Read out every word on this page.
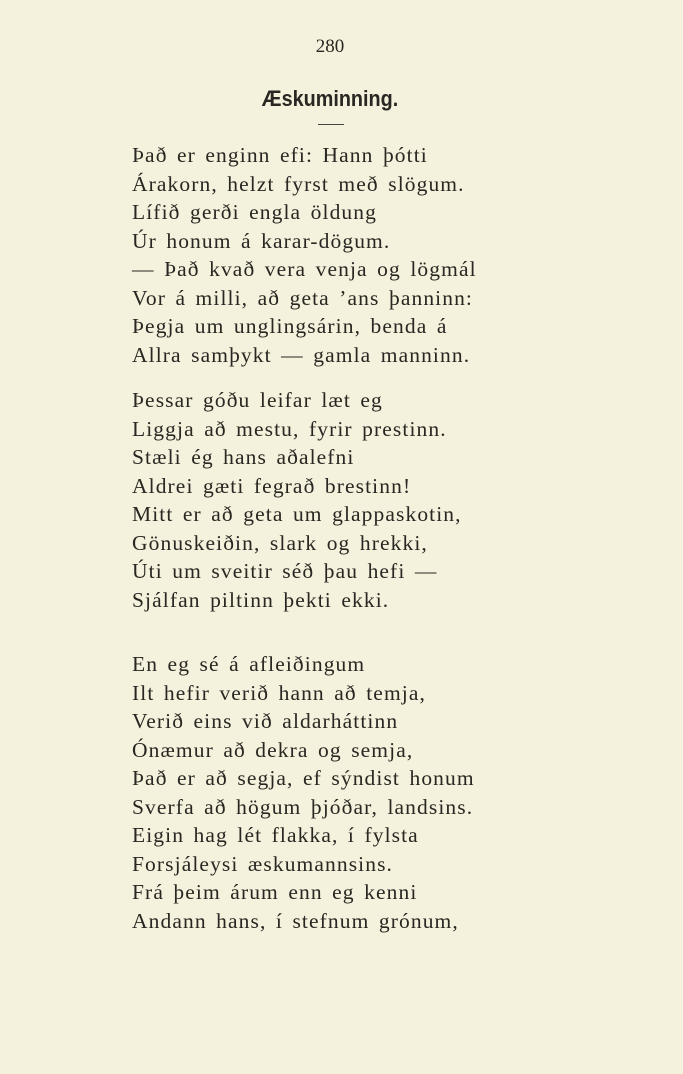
280
Æskuminning.
Það er enginn efi: Hann þótti
Árakorn, helzt fyrst með slögum.
Lífið gerði engla öldung
Úr honum á karar-dögum.
— Það kvað vera venja og lögmál
Vor á milli, að geta ’ans þanninn:
Þegja um unglingsárin, benda á
Allra samþykt — gamla manninn.
Þessar góðu leifar læt eg
Liggja að mestu, fyrir prestinn.
Stæli ég hans aðalefni
Aldrei gæti fegrað brestinn!
Mitt er að geta um glappaskotin,
Gönuskeiðin, slark og hrekki,
Úti um sveitir séð þau hefi —
Sjálfan piltinn þekti ekki.
En eg sé á afleiðingum
Ilt hefir verið hann að temja,
Verið eins við aldarháttinn
Ónæmur að dekra og semja,
Það er að segja, ef sýndist honum
Sverfa að högum þjóðar, landsins.
Eigin hag lét flakka, í fylsta
Forsjáleysi æskumannsins.
Frá þeim árum enn eg kenni
Andann hans, í stefnum grónum,
